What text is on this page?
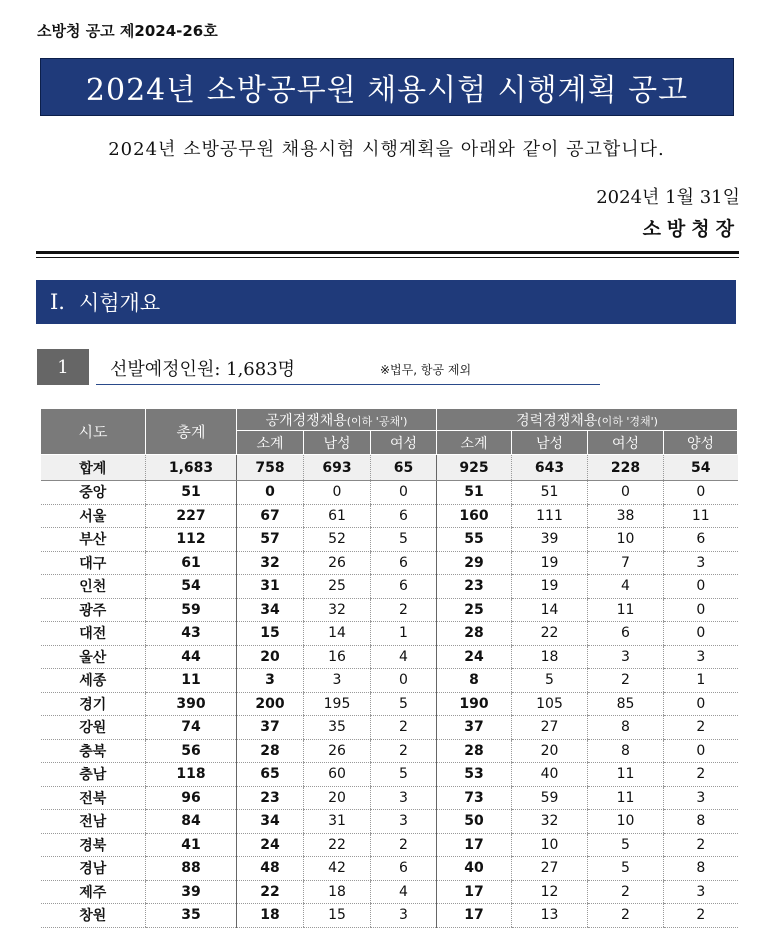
소방청 공고 제2024-26호
2024년 소방공무원 채용시험 시행계획 공고
2024년 소방공무원 채용시험 시행계획을 아래와 같이 공고합니다.
2024년 1월 31일
소방청장
Ⅰ. 시험개요
1	선발예정인원: 1,683명	※법무, 항공 제외
시도	총계	공개경쟁채용(이하 '공채')			경력경쟁채용(이하 '경채')			
		소계	남성	여성	소계	남성	여성	양성
합계	1,683	758	693	65	925	643	228	54
중앙	51	0	0	0	51	51	0	0
서울	227	67	61	6	160	111	38	11
부산	112	57	52	5	55	39	10	6
대구	61	32	26	6	29	19	7	3
인천	54	31	25	6	23	19	4	0
광주	59	34	32	2	25	14	11	0
대전	43	15	14	1	28	22	6	0
울산	44	20	16	4	24	18	3	3
세종	11	3	3	0	8	5	2	1
경기	390	200	195	5	190	105	85	0
강원	74	37	35	2	37	27	8	2
충북	56	28	26	2	28	20	8	0
충남	118	65	60	5	53	40	11	2
전북	96	23	20	3	73	59	11	3
전남	84	34	31	3	50	32	10	8
경북	41	24	22	2	17	10	5	2
경남	88	48	42	6	40	27	5	8
제주	39	22	18	4	17	12	2	3
창원	35	18	15	3	17	13	2	2
